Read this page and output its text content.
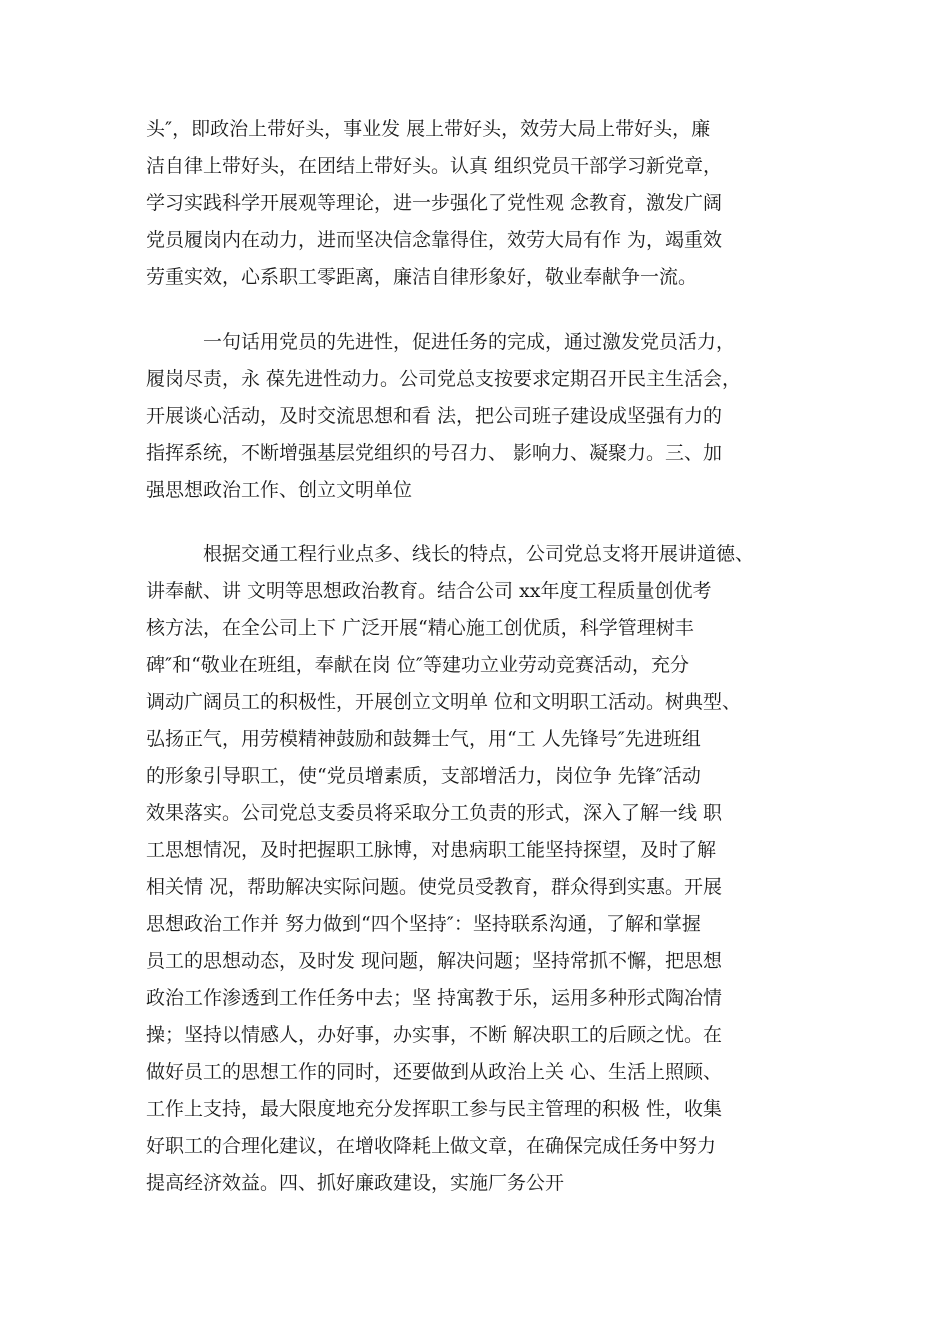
头″，即政治上带好头，事业发 展上带好头，效劳大局上带好头，廉
洁自律上带好头，在团结上带好头。认真 组织党员干部学习新党章，
学习实践科学开展观等理论，进一步强化了党性观 念教育，激发广阔
党员履岗内在动力，进而坚决信念靠得住，效劳大局有作 为，竭重效
劳重实效，心系职工零距离，廉洁自律形象好，敬业奉献争一流。
一句话用党员的先进性，促进任务的完成，通过激发党员活力，
履岗尽责，永 葆先进性动力。公司党总支按要求定期召开民主生活会，
开展谈心活动，及时交流思想和看 法，把公司班子建设成坚强有力的
指挥系统，不断增强基层党组织的号召力、 影响力、凝聚力。三、加
强思想政治工作、创立文明单位
根据交通工程行业点多、线长的特点，公司党总支将开展讲道德、
讲奉献、讲 文明等思想政治教育。结合公司 xx年度工程质量创优考
核方法，在全公司上下 广泛开展“精心施工创优质，科学管理树丰
碑″和“敬业在班组，奉献在岗 位″等建功立业劳动竞赛活动，充分
调动广阔员工的积极性，开展创立文明单 位和文明职工活动。树典型、
弘扬正气，用劳模精神鼓励和鼓舞士气，用“工 人先锋号″先进班组
的形象引导职工，使“党员增素质，支部增活力，岗位争 先锋″活动
效果落实。公司党总支委员将采取分工负责的形式，深入了解一线 职
工思想情况，及时把握职工脉博，对患病职工能坚持探望，及时了解
相关情 况，帮助解决实际问题。使党员受教育，群众得到实惠。开展
思想政治工作并 努力做到“四个坚持″：坚持联系沟通，了解和掌握
员工的思想动态，及时发 现问题，解决问题；坚持常抓不懈，把思想
政治工作渗透到工作任务中去；坚 持寓教于乐，运用多种形式陶冶情
操；坚持以情感人，办好事，办实事，不断 解决职工的后顾之忧。在
做好员工的思想工作的同时，还要做到从政治上关 心、生活上照顾、
工作上支持，最大限度地充分发挥职工参与民主管理的积极 性，收集
好职工的合理化建议，在增收降耗上做文章，在确保完成任务中努力
提高经济效益。四、抓好廉政建设，实施厂务公开
